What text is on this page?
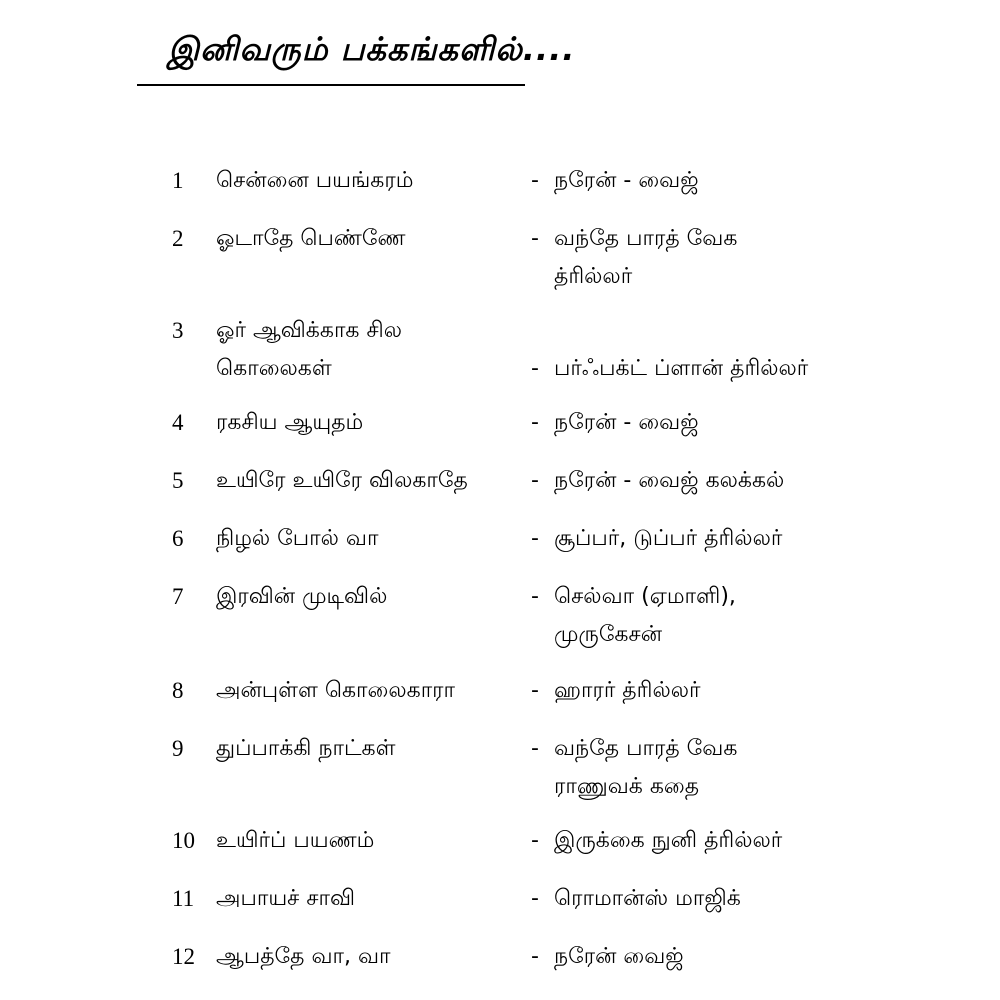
இனிவரும் பக்கங்களில்....
1 சென்னை பயங்கரம்	- நரேன் - வைஜ்
2 ஓடாதே பெண்ணே	- வந்தே பாரத் வேக
த்ரில்லர்
3 ஓர் ஆவிக்காக சில
கொலைகள்	- பர்ஃபக்ட் ப்ளான் த்ரில்லர்
4 ரகசிய ஆயுதம்	- நரேன் - வைஜ்
5 உயிரே உயிரே விலகாதே	- நரேன் - வைஜ் கலக்கல்
6 நிழல் போல் வா	- சூப்பர், டுப்பர் த்ரில்லர்
7 இரவின் முடிவில்	- செல்வா (ஏமாளி),
முருகேசன்
8 அன்புள்ள கொலைகாரா	- ஹாரர் த்ரில்லர்
9 துப்பாக்கி நாட்கள்	- வந்தே பாரத் வேக
ராணுவக் கதை
10 உயிர்ப் பயணம்	- இருக்கை நுனி த்ரில்லர்
11 அபாயச் சாவி	- ரொமான்ஸ் மாஜிக்
12 ஆபத்தே வா, வா	- நரேன் வைஜ்
